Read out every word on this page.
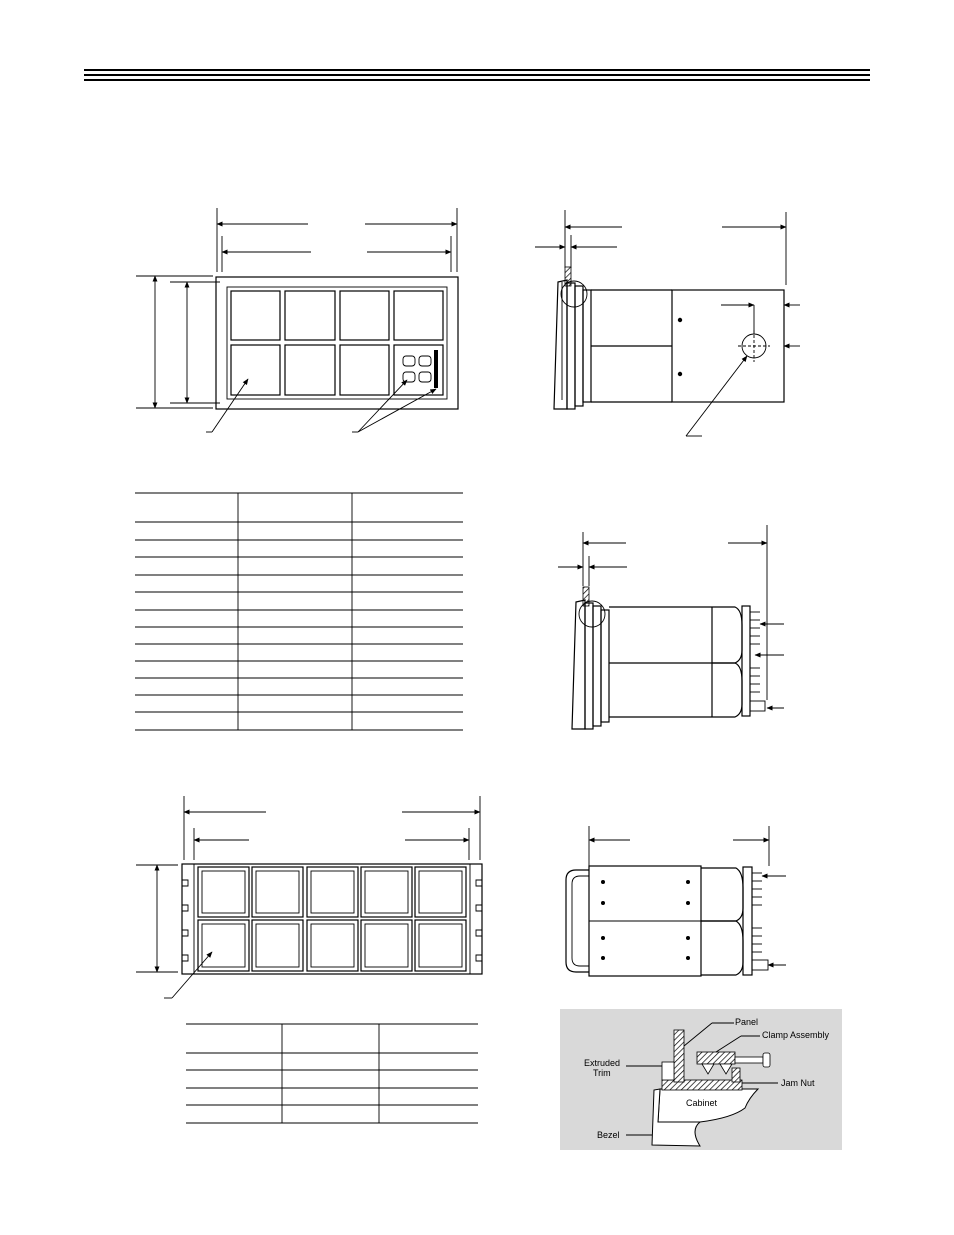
Panel
Clamp Assembly
Extruded
Trim
Jam Nut
Cabinet
Bezel
